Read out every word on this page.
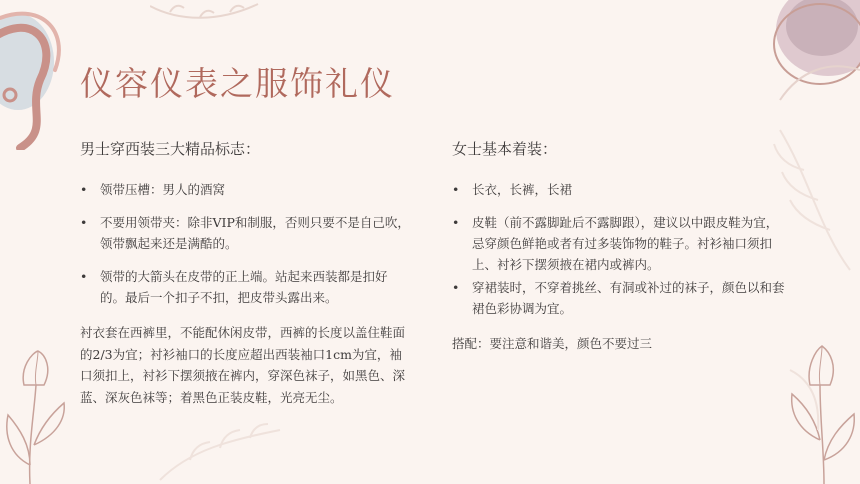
仪容仪表之服饰礼仪
男士穿西装三大精品标志：
• 领带压槽：男人的酒窝
• 不要用领带夹：除非VIP和制服，否则只要不是自己吹，领带飘起来还是满酷的。
• 领带的大箭头在皮带的正上端。站起来西装都是扣好的。最后一个扣子不扣，把皮带头露出来。
衬衣套在西裤里，不能配休闲皮带，西裤的长度以盖住鞋面的2/3为宜；衬衫袖口的长度应超出西装袖口1cm为宜，袖口须扣上，衬衫下摆须掖在裤内，穿深色袜子，如黑色、深蓝、深灰色袜等；着黑色正装皮鞋，光亮无尘。
女士基本着装：
• 长衣，长裤，长裙
• 皮鞋（前不露脚趾后不露脚跟），建议以中跟皮鞋为宜，忌穿颜色鲜艳或者有过多装饰物的鞋子。衬衫袖口须扣上、衬衫下摆须掖在裙内或裤内。
• 穿裙装时，不穿着挑丝、有洞或补过的袜子，颜色以和套裙色彩协调为宜。
搭配：要注意和谐美，颜色不要过三
